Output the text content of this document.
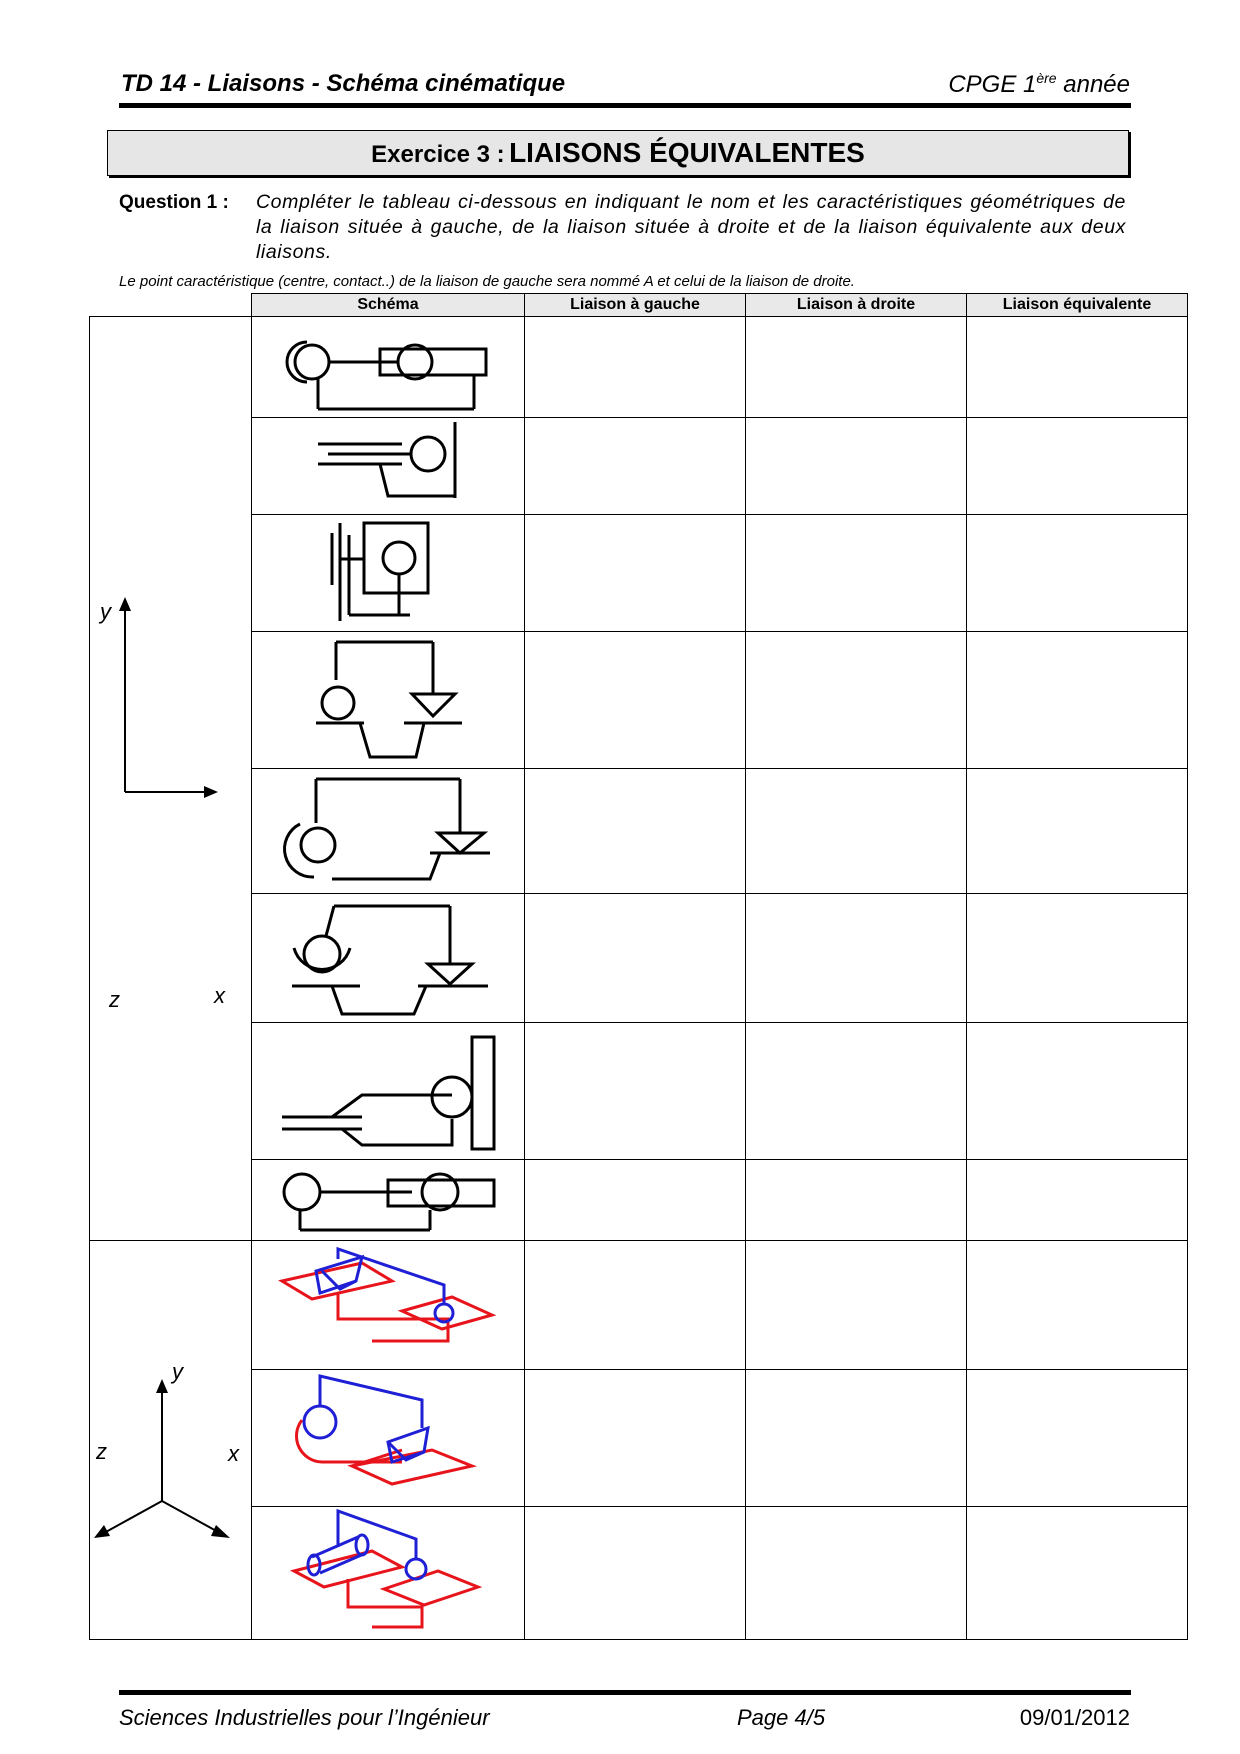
TD 14 - Liaisons - Schéma cinématique	CPGE 1ère année
Exercice 3 : LIAISONS ÉQUIVALENTES
Question 1 : Compléter le tableau ci-dessous en indiquant le nom et les caractéristiques géométriques de la liaison située à gauche, de la liaison située à droite et de la liaison équivalente aux deux liaisons.
Le point caractéristique (centre, contact..) de la liaison de gauche sera nommé A et celui de la liaison de droite.
	Schéma	Liaison à gauche	Liaison à droite	Liaison équivalente

y
z x

y
z x

Sciences Industrielles pour l’Ingénieur	Page 4/5	09/01/2012
